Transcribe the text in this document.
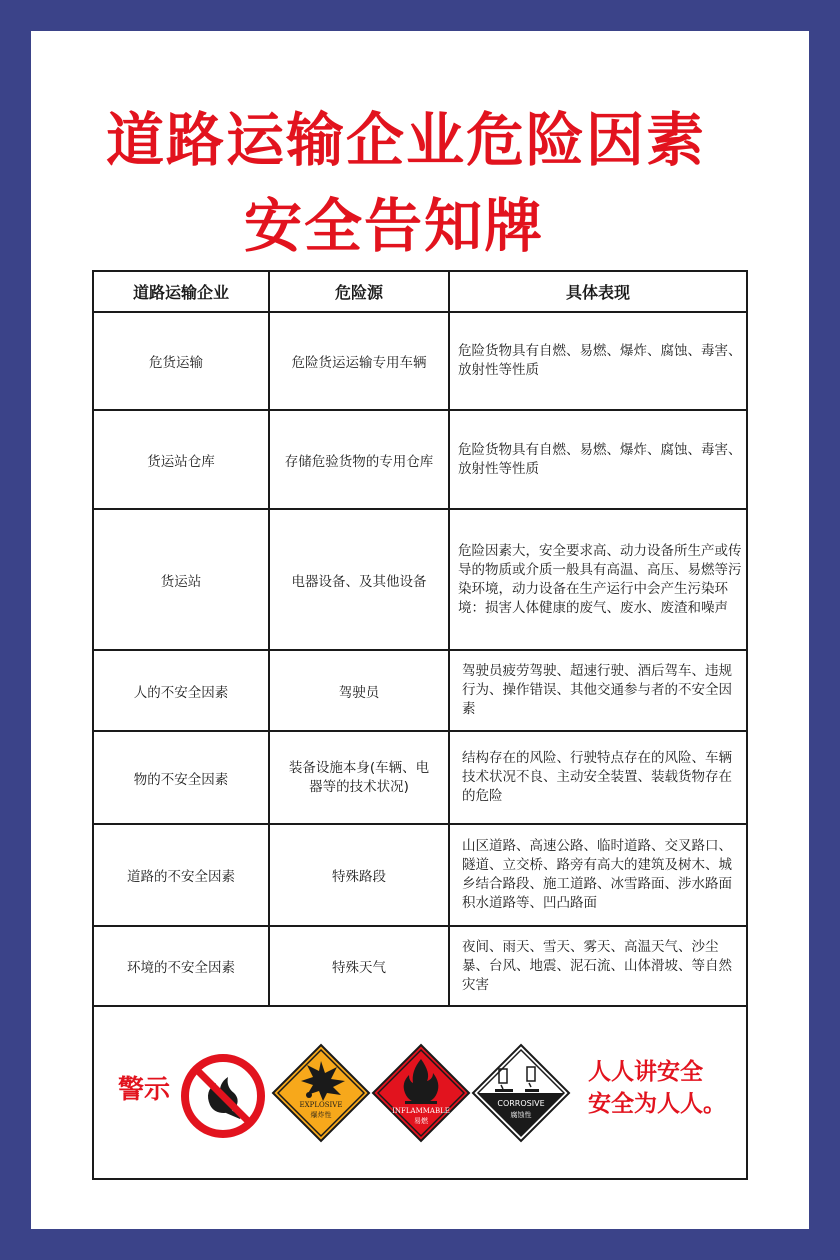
道路运输企业危险因素
安全告知牌
道路运输企业	危险源	具体表现
危货运输	危险货运运输专用车辆	危险货物具有自燃、易燃、爆炸、腐蚀、毒害、放射性等性质
货运站仓库	存储危验货物的专用仓库	危险货物具有自燃、易燃、爆炸、腐蚀、毒害、放射性等性质
货运站	电器设备、及其他设备	危险因素大，安全要求高、动力设备所生产或传导的物质或介质一般具有高温、高压、易燃等污染环境，动力设备在生产运行中会产生污染环境：损害人体健康的废气、废水、废渣和噪声
人的不安全因素	驾驶员	驾驶员疲劳驾驶、超速行驶、酒后驾车、违规行为、操作错误、其他交通参与者的不安全因素
物的不安全因素	装备设施本身(车辆、电器等的技术状况)	结构存在的风险、行驶特点存在的风险、车辆技术状况不良、主动安全装置、装载货物存在的危险
道路的不安全因素	特殊路段	山区道路、高速公路、临时道路、交叉路口、隧道、立交桥、路旁有高大的建筑及树木、城乡结合路段、施工道路、冰雪路面、涉水路面积水道路等、凹凸路面
环境的不安全因素	特殊天气	夜间、雨天、雪天、雾天、高温天气、沙尘暴、台风、地震、泥石流、山体滑坡、等自然灾害
警示	EXPLOSIVE
爆炸性	INFLAMMABLE
易燃
CORROSIVE
腐蚀性
人人讲安全
安全为人人。
